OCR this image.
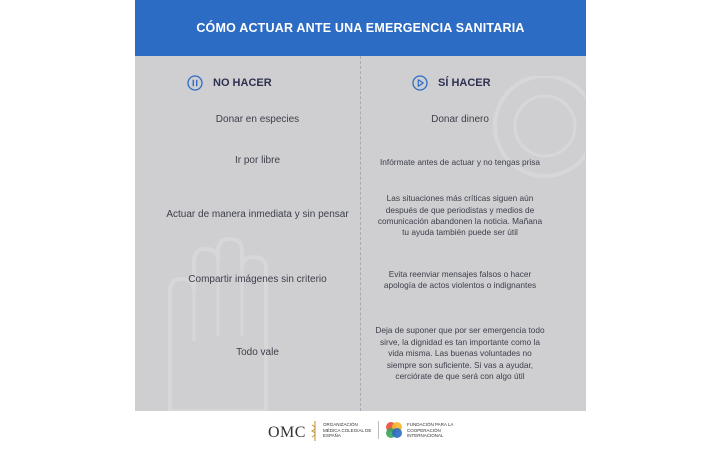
CÓMO ACTUAR ANTE UNA EMERGENCIA SANITARIA
NO HACER	SÍ HACER
Donar en especies
Ir por libre
Actuar de manera inmediata y sin pensar
Compartir imágenes sin criterio
Todo vale
Donar dinero
Infórmate antes de actuar y no tengas prisa
Las situaciones más críticas siguen aún después de que periodistas y medios de comunicación abandonen la noticia. Mañana tu ayuda también puede ser útil
Evita reenviar mensajes falsos o hacer apología de actos violentos o indignantes
Deja de suponer que por ser emergencia todo sirve, la dignidad es tan importante como la vida misma. Las buenas voluntades no siempre son suficiente. Si vas a ayudar, cerciórate de que será con algo útil
OMC	ORGANIZACIÓN MÉDICA COLEGIAL DE ESPAÑA
FUNDACIÓN PARA LA COOPERACIÓN INTERNACIONAL
